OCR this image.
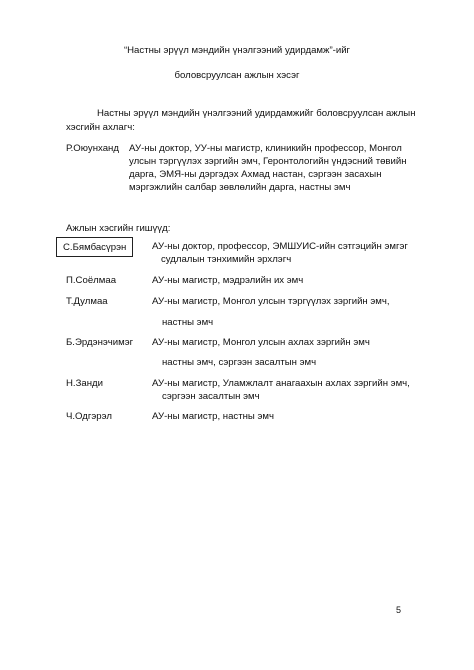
“Настны эрүүл мэндийн үнэлгээний удирдамж”-ийг
боловсруулсан ажлын хэсэг
Настны эрүүл мэндийн үнэлгээний удирдамжийг боловсруулсан ажлын
хэсгийн ахлагч:
Р.Оюунханд АУ-ны доктор, УУ-ны магистр, клиникийн профессор, Монгол
улсын тэргүүлэх зэргийн эмч, Геронтологийн үндэсний төвийн
дарга, ЭМЯ-ны дэргэдэх Ахмад настан, сэргээн засахын
мэргэжлийн салбар зөвлөлийн дарга, настны эмч
Ажлын хэсгийн гишүүд:
С.Бямбасүрэн	АУ-ны доктор, профессор, ЭМШУИС-ийн сэтгэцийн эмгэг
судлалын тэнхимийн эрхлэгч
П.Соёлмаа	АУ-ны магистр, мэдрэлийн их эмч
Т.Дулмаа	АУ-ны магистр, Монгол улсын тэргүүлэх зэргийн эмч,
настны эмч
Б.Эрдэнэчимэг АУ-ны магистр, Монгол улсын ахлах зэргийн эмч
настны эмч, сэргээн засалтын эмч
Н.Занди	АУ-ны магистр, Уламжлалт анагаахын ахлах зэргийн эмч,
сэргээн засалтын эмч
Ч.Одгэрэл	АУ-ны магистр, настны эмч
5
